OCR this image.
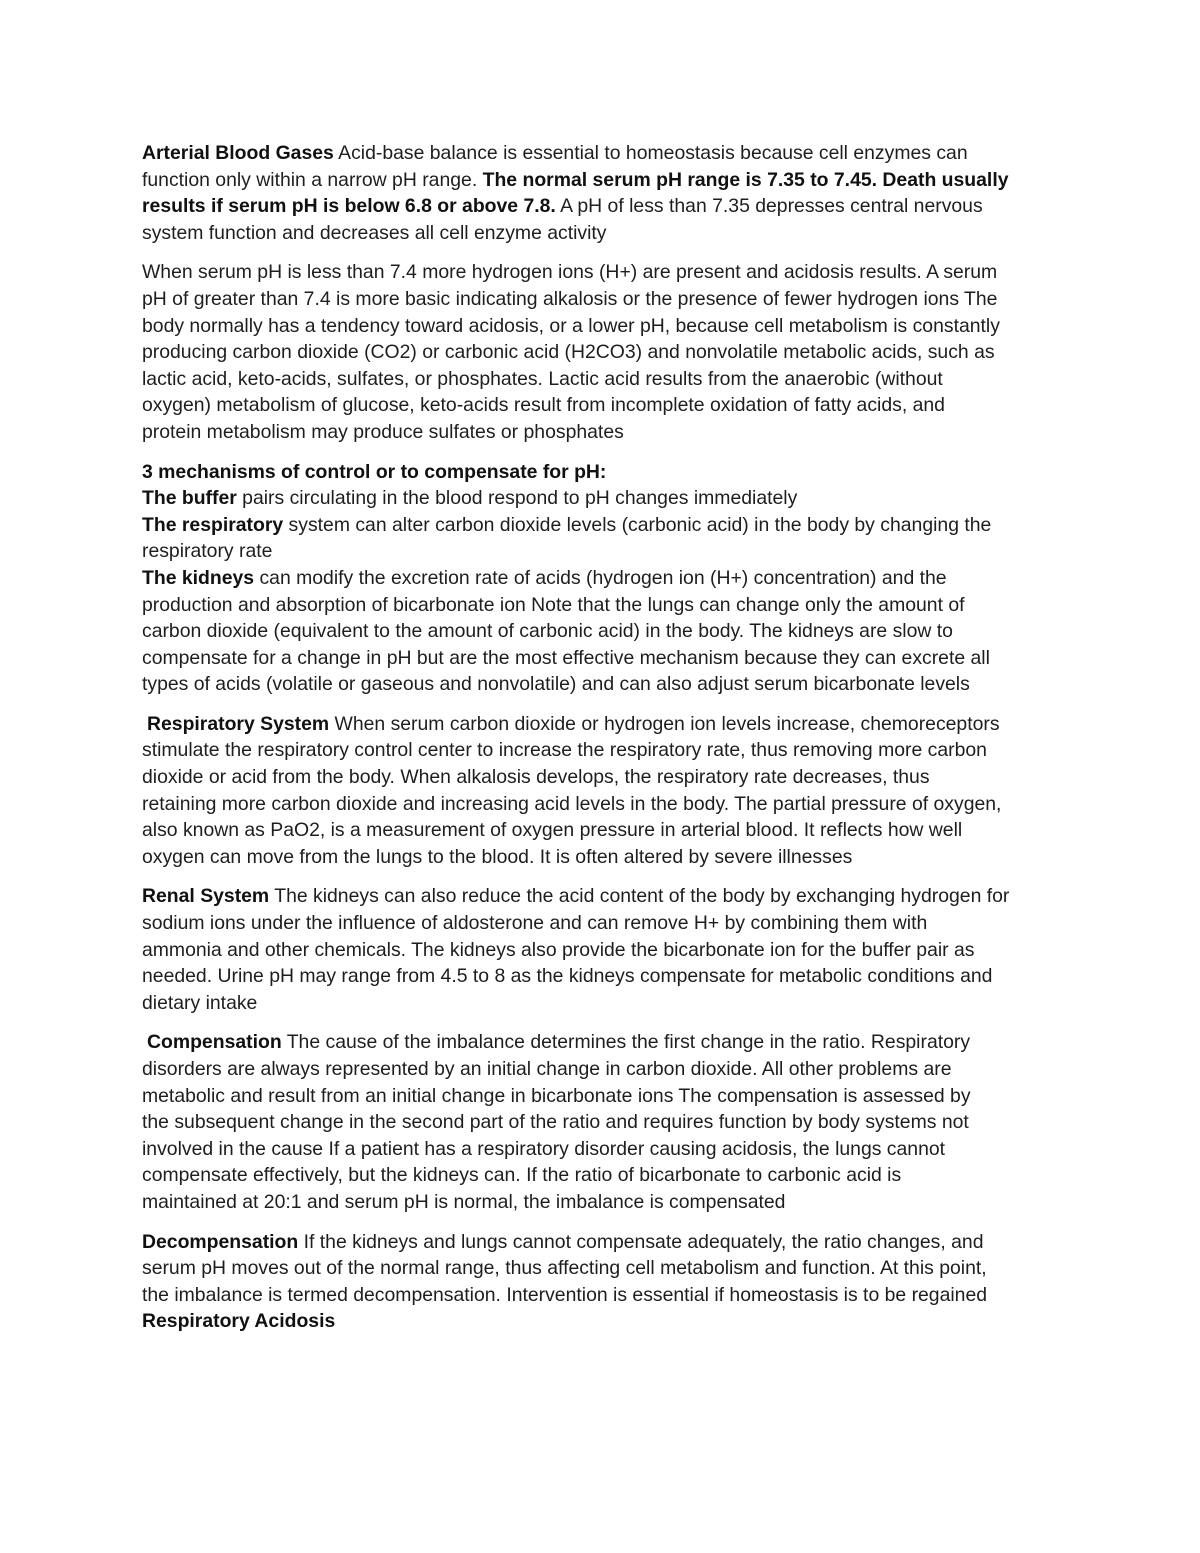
Arterial Blood Gases Acid-base balance is essential to homeostasis because cell enzymes can
function only within a narrow pH range. The normal serum pH range is 7.35 to 7.45. Death usually
results if serum pH is below 6.8 or above 7.8. A pH of less than 7.35 depresses central nervous
system function and decreases all cell enzyme activity

When serum pH is less than 7.4 more hydrogen ions (H+) are present and acidosis results. A serum
pH of greater than 7.4 is more basic indicating alkalosis or the presence of fewer hydrogen ions The
body normally has a tendency toward acidosis, or a lower pH, because cell metabolism is constantly
producing carbon dioxide (CO2) or carbonic acid (H2CO3) and nonvolatile metabolic acids, such as
lactic acid, keto-acids, sulfates, or phosphates. Lactic acid results from the anaerobic (without
oxygen) metabolism of glucose, keto-acids result from incomplete oxidation of fatty acids, and
protein metabolism may produce sulfates or phosphates

3 mechanisms of control or to compensate for pH:
The buffer pairs circulating in the blood respond to pH changes immediately
The respiratory system can alter carbon dioxide levels (carbonic acid) in the body by changing the
respiratory rate
The kidneys can modify the excretion rate of acids (hydrogen ion (H+) concentration) and the
production and absorption of bicarbonate ion Note that the lungs can change only the amount of
carbon dioxide (equivalent to the amount of carbonic acid) in the body. The kidneys are slow to
compensate for a change in pH but are the most effective mechanism because they can excrete all
types of acids (volatile or gaseous and nonvolatile) and can also adjust serum bicarbonate levels

Respiratory System When serum carbon dioxide or hydrogen ion levels increase, chemoreceptors
stimulate the respiratory control center to increase the respiratory rate, thus removing more carbon
dioxide or acid from the body. When alkalosis develops, the respiratory rate decreases, thus
retaining more carbon dioxide and increasing acid levels in the body. The partial pressure of oxygen,
also known as PaO2, is a measurement of oxygen pressure in arterial blood. It reflects how well
oxygen can move from the lungs to the blood. It is often altered by severe illnesses

Renal System The kidneys can also reduce the acid content of the body by exchanging hydrogen for
sodium ions under the influence of aldosterone and can remove H+ by combining them with
ammonia and other chemicals. The kidneys also provide the bicarbonate ion for the buffer pair as
needed. Urine pH may range from 4.5 to 8 as the kidneys compensate for metabolic conditions and
dietary intake

Compensation The cause of the imbalance determines the first change in the ratio. Respiratory
disorders are always represented by an initial change in carbon dioxide. All other problems are
metabolic and result from an initial change in bicarbonate ions The compensation is assessed by
the subsequent change in the second part of the ratio and requires function by body systems not
involved in the cause If a patient has a respiratory disorder causing acidosis, the lungs cannot
compensate effectively, but the kidneys can. If the ratio of bicarbonate to carbonic acid is
maintained at 20:1 and serum pH is normal, the imbalance is compensated

Decompensation If the kidneys and lungs cannot compensate adequately, the ratio changes, and
serum pH moves out of the normal range, thus affecting cell metabolism and function. At this point,
the imbalance is termed decompensation. Intervention is essential if homeostasis is to be regained
Respiratory Acidosis
